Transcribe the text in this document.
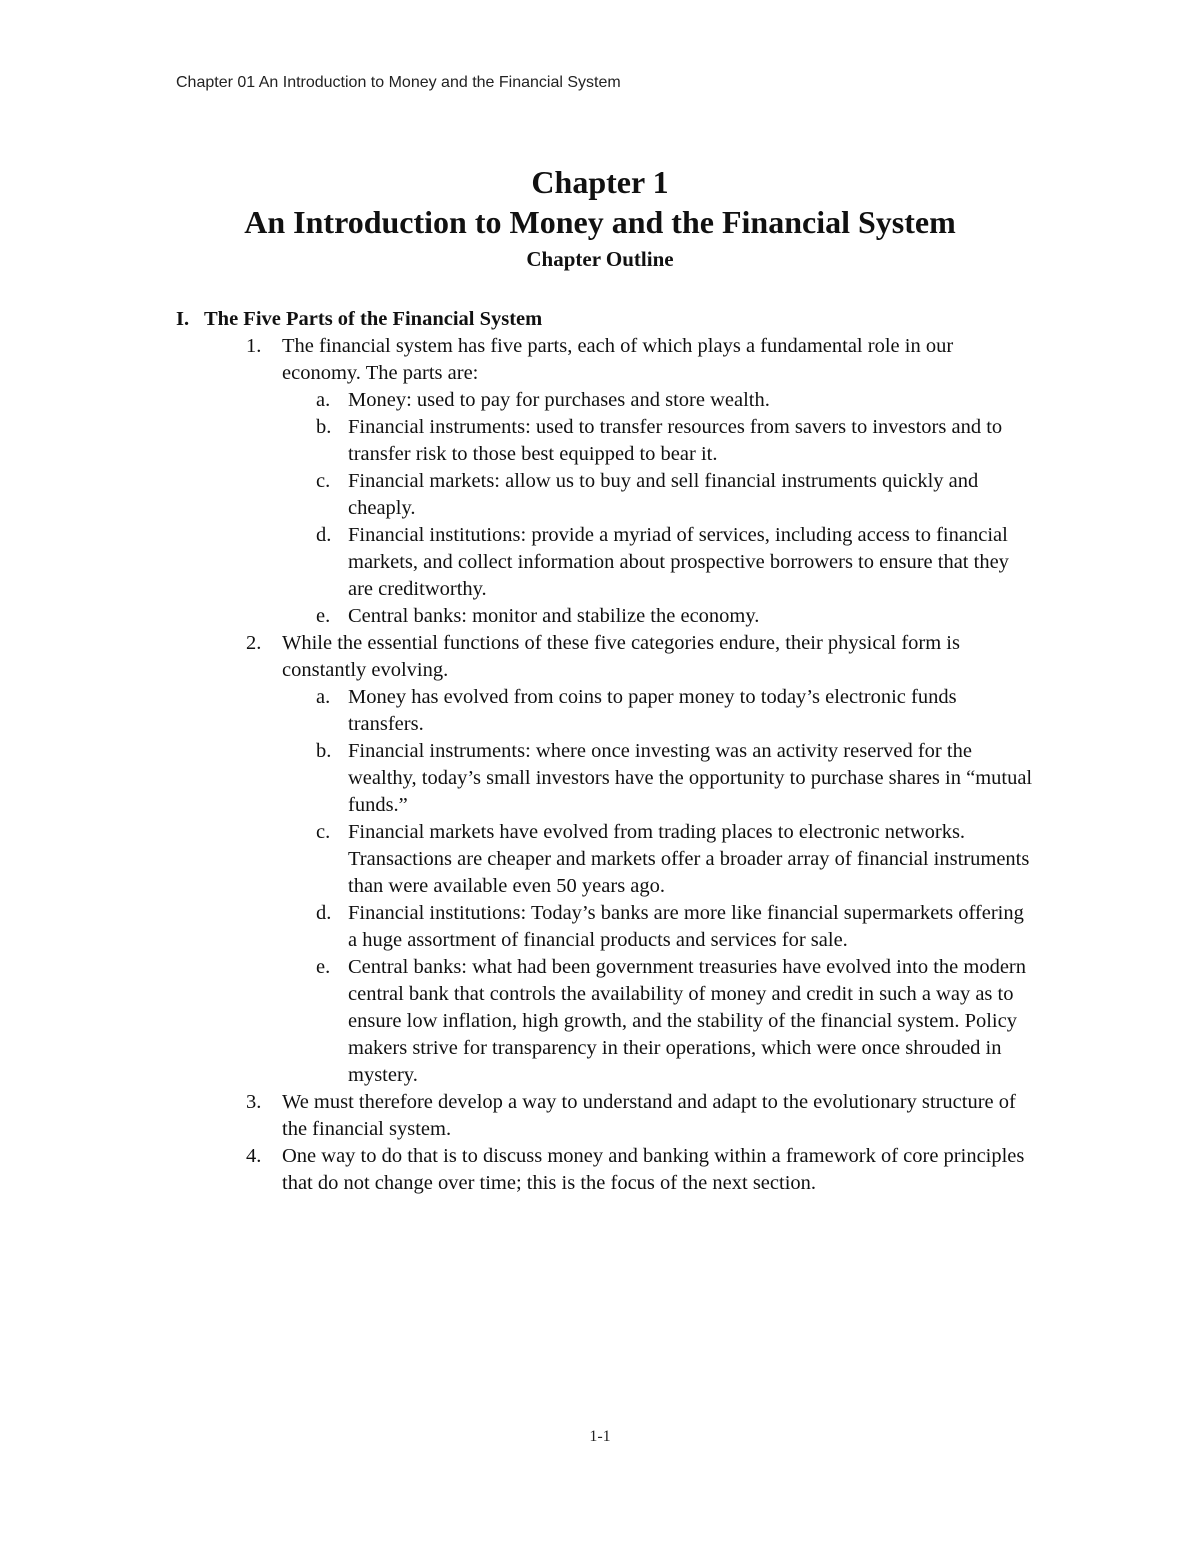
Chapter 01 An Introduction to Money and the Financial System
Chapter 1
An Introduction to Money and the Financial System
Chapter Outline
I. The Five Parts of the Financial System
1. The financial system has five parts, each of which plays a fundamental role in our economy. The parts are:
a. Money: used to pay for purchases and store wealth.
b. Financial instruments: used to transfer resources from savers to investors and to transfer risk to those best equipped to bear it.
c. Financial markets: allow us to buy and sell financial instruments quickly and cheaply.
d. Financial institutions: provide a myriad of services, including access to financial markets, and collect information about prospective borrowers to ensure that they are creditworthy.
e. Central banks: monitor and stabilize the economy.
2. While the essential functions of these five categories endure, their physical form is constantly evolving.
a. Money has evolved from coins to paper money to today’s electronic funds transfers.
b. Financial instruments: where once investing was an activity reserved for the wealthy, today’s small investors have the opportunity to purchase shares in “mutual funds.”
c. Financial markets have evolved from trading places to electronic networks. Transactions are cheaper and markets offer a broader array of financial instruments than were available even 50 years ago.
d. Financial institutions: Today’s banks are more like financial supermarkets offering a huge assortment of financial products and services for sale.
e. Central banks: what had been government treasuries have evolved into the modern central bank that controls the availability of money and credit in such a way as to ensure low inflation, high growth, and the stability of the financial system. Policy makers strive for transparency in their operations, which were once shrouded in mystery.
3. We must therefore develop a way to understand and adapt to the evolutionary structure of the financial system.
4. One way to do that is to discuss money and banking within a framework of core principles that do not change over time; this is the focus of the next section.
1-1
